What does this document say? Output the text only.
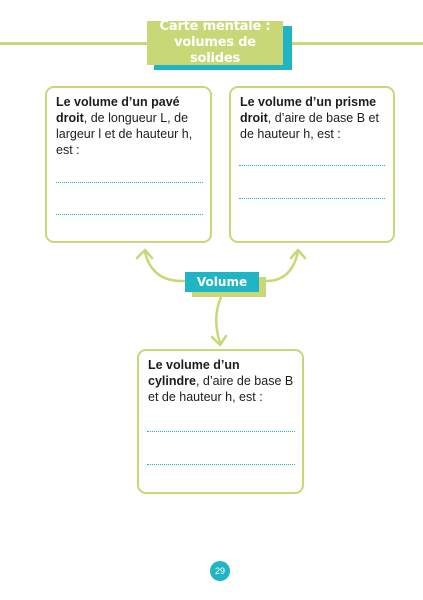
Carte mentale :
volumes de solides
Le volume d’un pavé droit, de longueur L, de largeur l et de hauteur h, est :
Le volume d’un prisme droit, d’aire de base B et de hauteur h, est :
Volume
Le volume d’un cylindre, d’aire de base B et de hauteur h, est :
29
